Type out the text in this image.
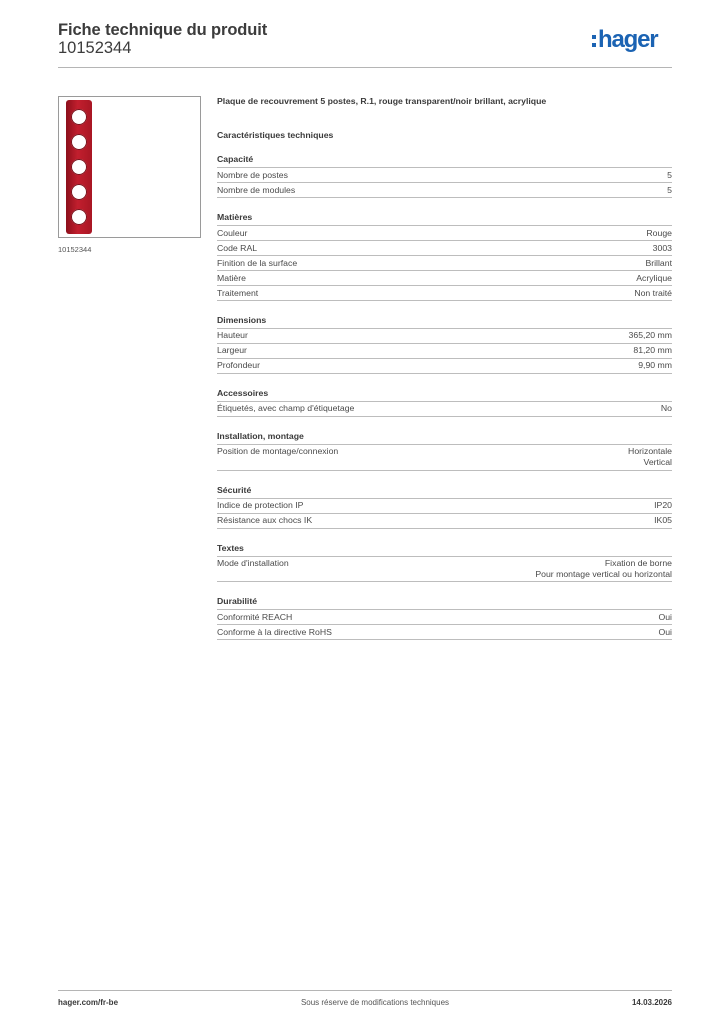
Fiche technique du produit
10152344	hager
10152344
Plaque de recouvrement 5 postes, R.1, rouge transparent/noir brillant, acrylique
Caractéristiques techniques
Capacité
Nombre de postes	5
Nombre de modules	5
Matières
Couleur	Rouge
Code RAL	3003
Finition de la surface	Brillant
Matière	Acrylique
Traitement	Non traité
Dimensions
Hauteur	365,20 mm
Largeur	81,20 mm
Profondeur	9,90 mm
Accessoires
Étiquetés, avec champ d'étiquetage	No
Installation, montage
Position de montage/connexion	Horizontale
Vertical
Sécurité
Indice de protection IP	IP20
Résistance aux chocs IK	IK05
Textes
Mode d'installation	Fixation de borne
Pour montage vertical ou horizontal
Durabilité
Conformité REACH	Oui
Conforme à la directive RoHS	Oui
hager.com/fr-be	Sous réserve de modifications techniques	14.03.2026
